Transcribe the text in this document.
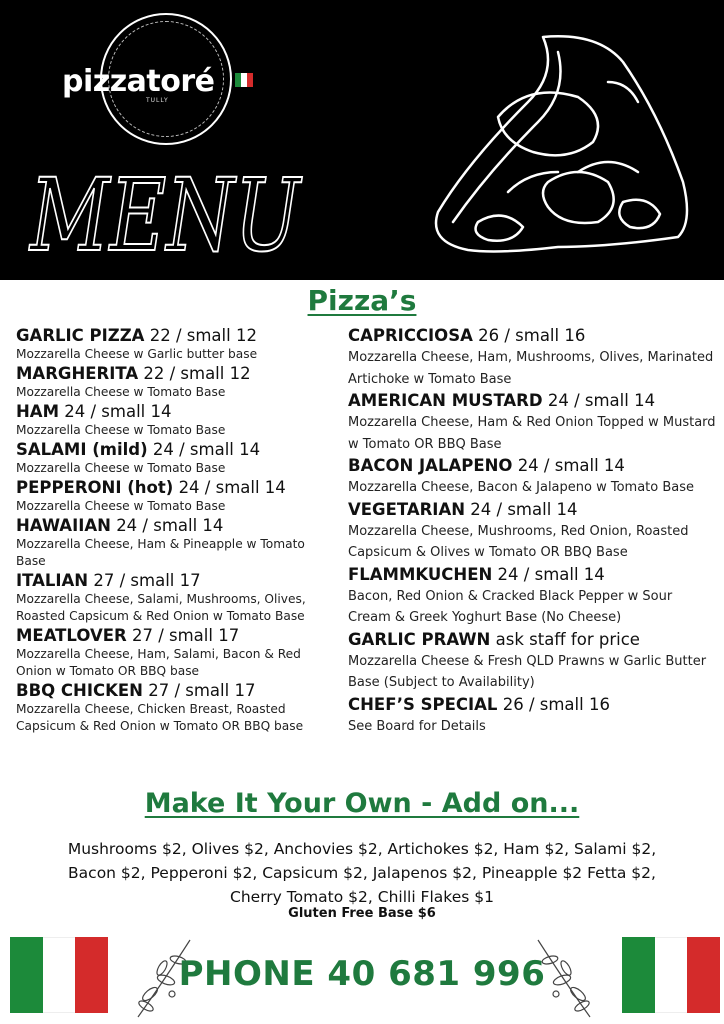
pizzatoré
TULLY
MENU
Pizza’s
GARLIC PIZZA 22 / small 12
Mozzarella Cheese w Garlic butter base
MARGHERITA 22 / small 12
Mozzarella Cheese w Tomato Base
HAM 24 / small 14
Mozzarella Cheese w Tomato Base
SALAMI (mild) 24 / small 14
Mozzarella Cheese w Tomato Base
PEPPERONI (hot) 24 / small 14
Mozzarella Cheese w Tomato Base
HAWAIIAN 24 / small 14
Mozzarella Cheese, Ham & Pineapple w Tomato Base
ITALIAN 27 / small 17
Mozzarella Cheese, Salami, Mushrooms, Olives, Roasted Capsicum & Red Onion w Tomato Base
MEATLOVER 27 / small 17
Mozzarella Cheese, Ham, Salami, Bacon & Red Onion w Tomato OR BBQ base
BBQ CHICKEN 27 / small 17
Mozzarella Cheese, Chicken Breast, Roasted Capsicum & Red Onion w Tomato OR BBQ base
CAPRICCIOSA 26 / small 16
Mozzarella Cheese, Ham, Mushrooms, Olives, Marinated Artichoke w Tomato Base
AMERICAN MUSTARD 24 / small 14
Mozzarella Cheese, Ham & Red Onion Topped w Mustard w Tomato OR BBQ Base
BACON JALAPENO 24 / small 14
Mozzarella Cheese, Bacon & Jalapeno w Tomato Base
VEGETARIAN 24 / small 14
Mozzarella Cheese, Mushrooms, Red Onion, Roasted Capsicum & Olives w Tomato OR BBQ Base
FLAMMKUCHEN 24 / small 14
Bacon, Red Onion & Cracked Black Pepper w Sour Cream & Greek Yoghurt Base (No Cheese)
GARLIC PRAWN ask staff for price
Mozzarella Cheese & Fresh QLD Prawns w Garlic Butter Base (Subject to Availability)
CHEF’S SPECIAL 26 / small 16
See Board for Details
Make It Your Own - Add on...
Mushrooms $2, Olives $2, Anchovies $2, Artichokes $2, Ham $2, Salami $2,
Bacon $2, Pepperoni $2, Capsicum $2, Jalapenos $2, Pineapple $2 Fetta $2,
Cherry Tomato $2, Chilli Flakes $1
Gluten Free Base $6
PHONE 40 681 996
